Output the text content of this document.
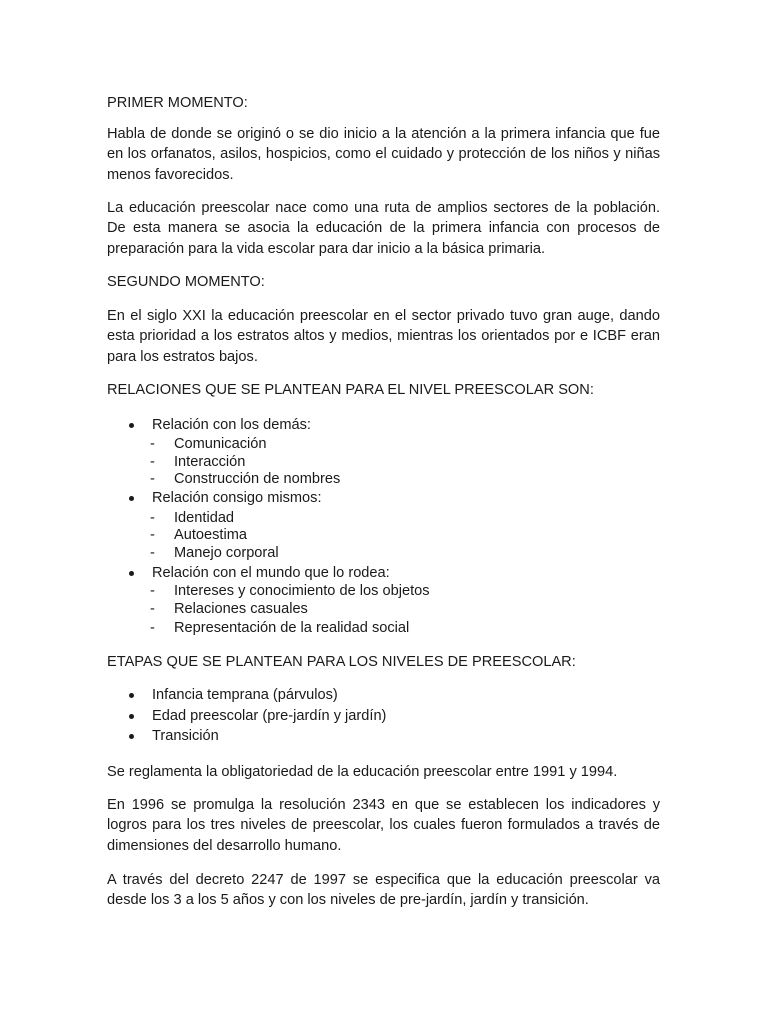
PRIMER MOMENTO:

Habla de donde se originó o se dio inicio a la atención a la primera infancia que fue en los orfanatos, asilos, hospicios, como el cuidado y protección de los niños y niñas menos favorecidos.

La educación preescolar nace como una ruta de amplios sectores de la población. De esta manera se asocia la educación de la primera infancia con procesos de preparación para la vida escolar para dar inicio a la básica primaria.

SEGUNDO MOMENTO:

En el siglo XXI la educación preescolar en el sector privado tuvo gran auge, dando esta prioridad a los estratos altos y medios, mientras los orientados por e ICBF eran para los estratos bajos.

RELACIONES QUE SE PLANTEAN PARA EL NIVEL PREESCOLAR SON:

Relación con los demás:
- Comunicación
- Interacción
- Construcción de nombres
Relación consigo mismos:
- Identidad
- Autoestima
- Manejo corporal
Relación con el mundo que lo rodea:
- Intereses y conocimiento de los objetos
- Relaciones casuales
- Representación de la realidad social

ETAPAS QUE SE PLANTEAN PARA LOS NIVELES DE PREESCOLAR:

Infancia temprana (párvulos)
Edad preescolar (pre-jardín y jardín)
Transición

Se reglamenta la obligatoriedad de la educación preescolar entre 1991 y 1994.

En 1996 se promulga la resolución 2343 en que se establecen los indicadores y logros para los tres niveles de preescolar, los cuales fueron formulados a través de dimensiones del desarrollo humano.

A través del decreto 2247 de 1997 se especifica que la educación preescolar va desde los 3 a los 5 años y con los niveles de pre-jardín, jardín y transición.
